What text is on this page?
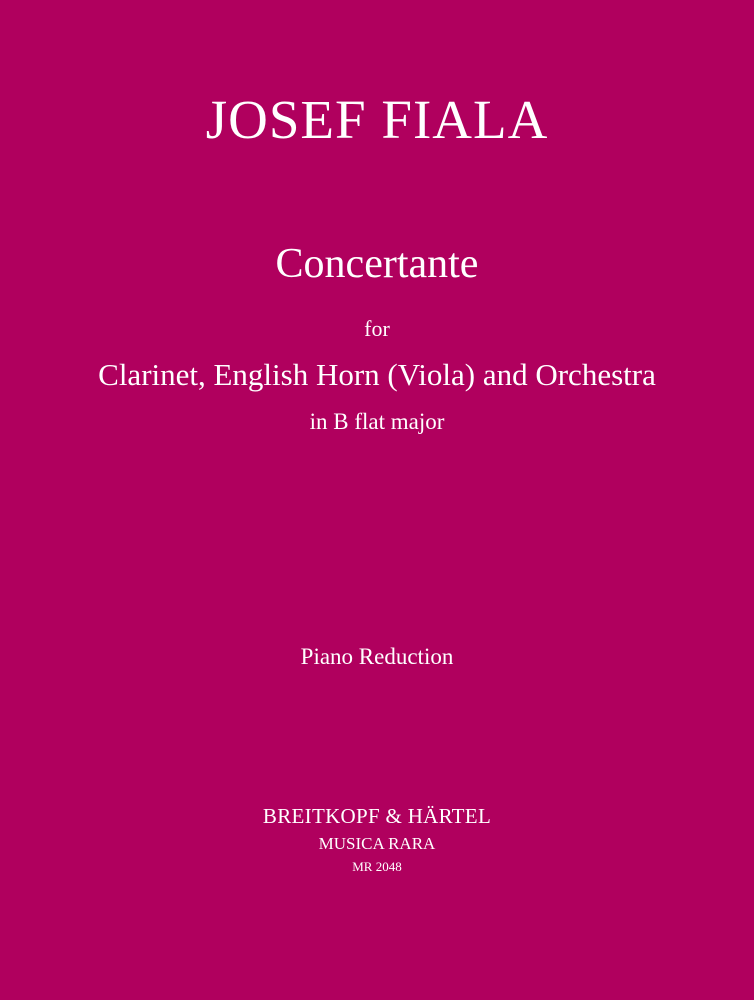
JOSEF FIALA
Concertante
for
Clarinet, English Horn (Viola) and Orchestra
in B flat major
Piano Reduction
BREITKOPF & HÄRTEL
MUSICA RARA
MR 2048
